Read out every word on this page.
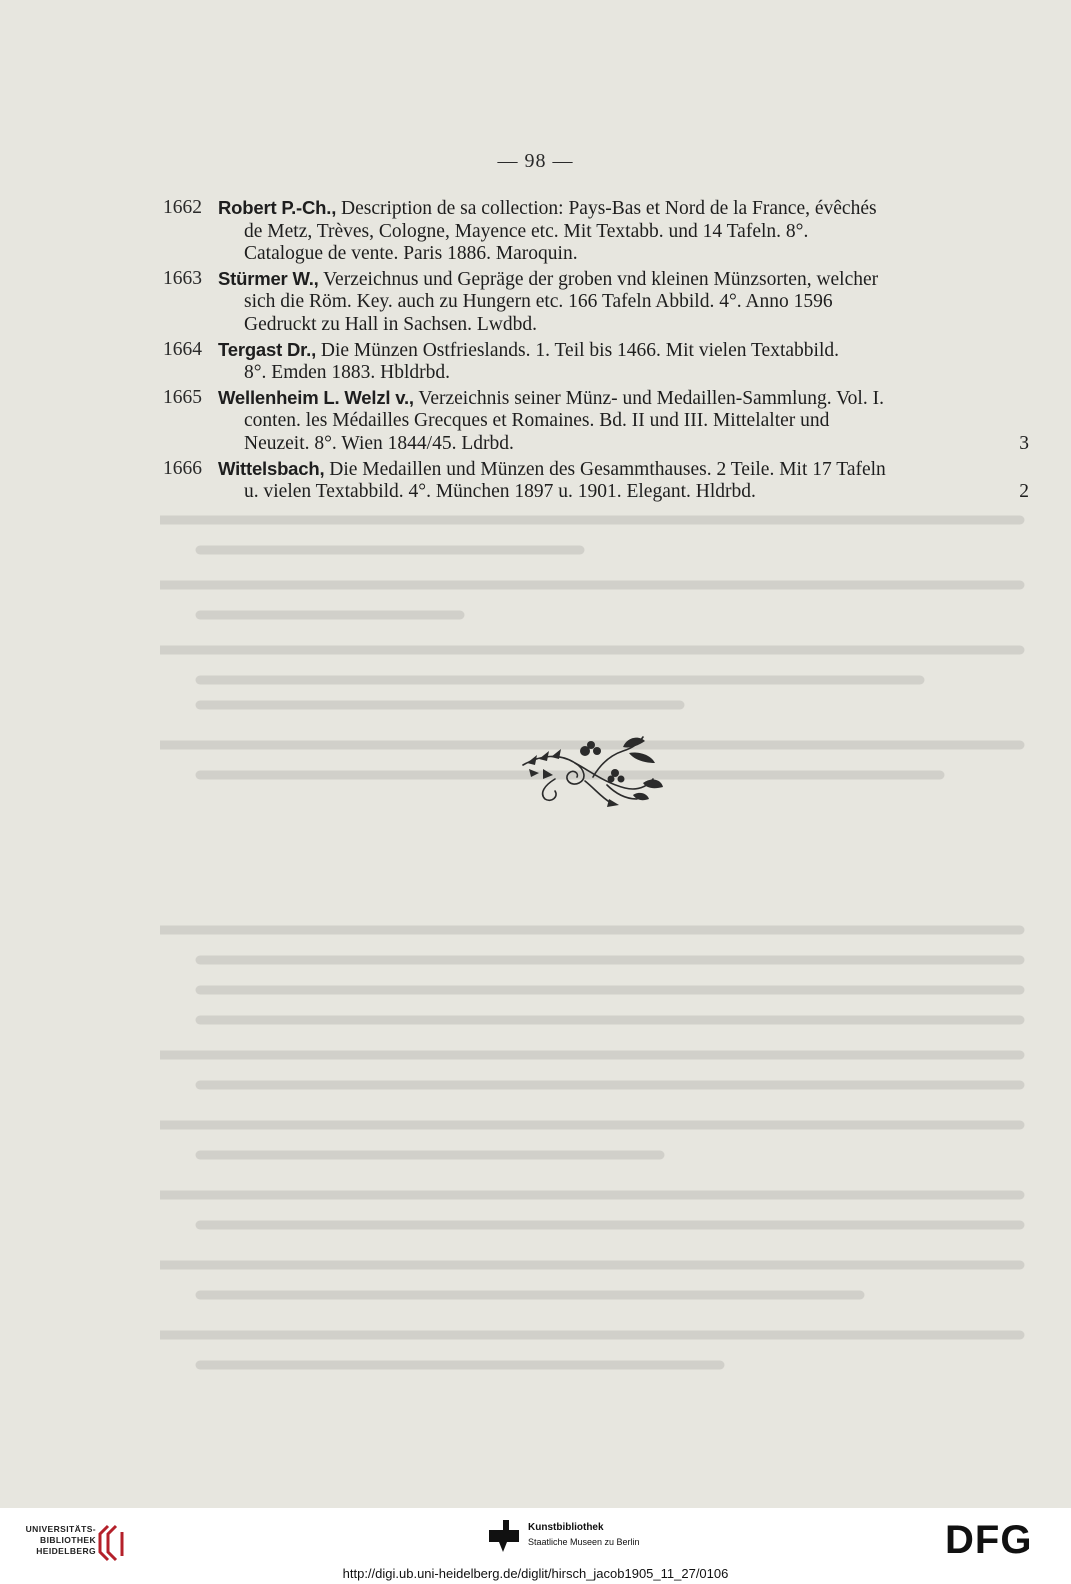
— 98 —
1662 Robert P.-Ch., Description de sa collection: Pays-Bas et Nord de la France, évêchés
de Metz, Trèves, Cologne, Mayence etc. Mit Textabb. und 14 Tafeln. 8°.
Catalogue de vente. Paris 1886. Maroquin.
1663 Stürmer W., Verzeichnus und Gepräge der groben vnd kleinen Münzsorten, welcher
sich die Röm. Key. auch zu Hungern etc. 166 Tafeln Abbild. 4°. Anno 1596
Gedruckt zu Hall in Sachsen. Lwdbd.
1664 Tergast Dr., Die Münzen Ostfrieslands. 1. Teil bis 1466. Mit vielen Textabbild.
8°. Emden 1883. Hbldrbd.
1665 Wellenheim L. Welzl v., Verzeichnis seiner Münz- und Medaillen-Sammlung. Vol. I.
conten. les Médailles Grecques et Romaines. Bd. II und III. Mittelalter und
Neuzeit. 8°. Wien 1844/45. Ldrbd.	3
1666 Wittelsbach, Die Medaillen und Münzen des Gesammthauses. 2 Teile. Mit 17 Tafeln
u. vielen Textabbild. 4°. München 1897 u. 1901. Elegant. Hldrbd.	2
UNIVERSITÄTS-
BIBLIOTHEK
HEIDELBERG
Kunstbibliothek
Staatliche Museen zu Berlin	DFG
http://digi.ub.uni-heidelberg.de/diglit/hirsch_jacob1905_11_27/0106
